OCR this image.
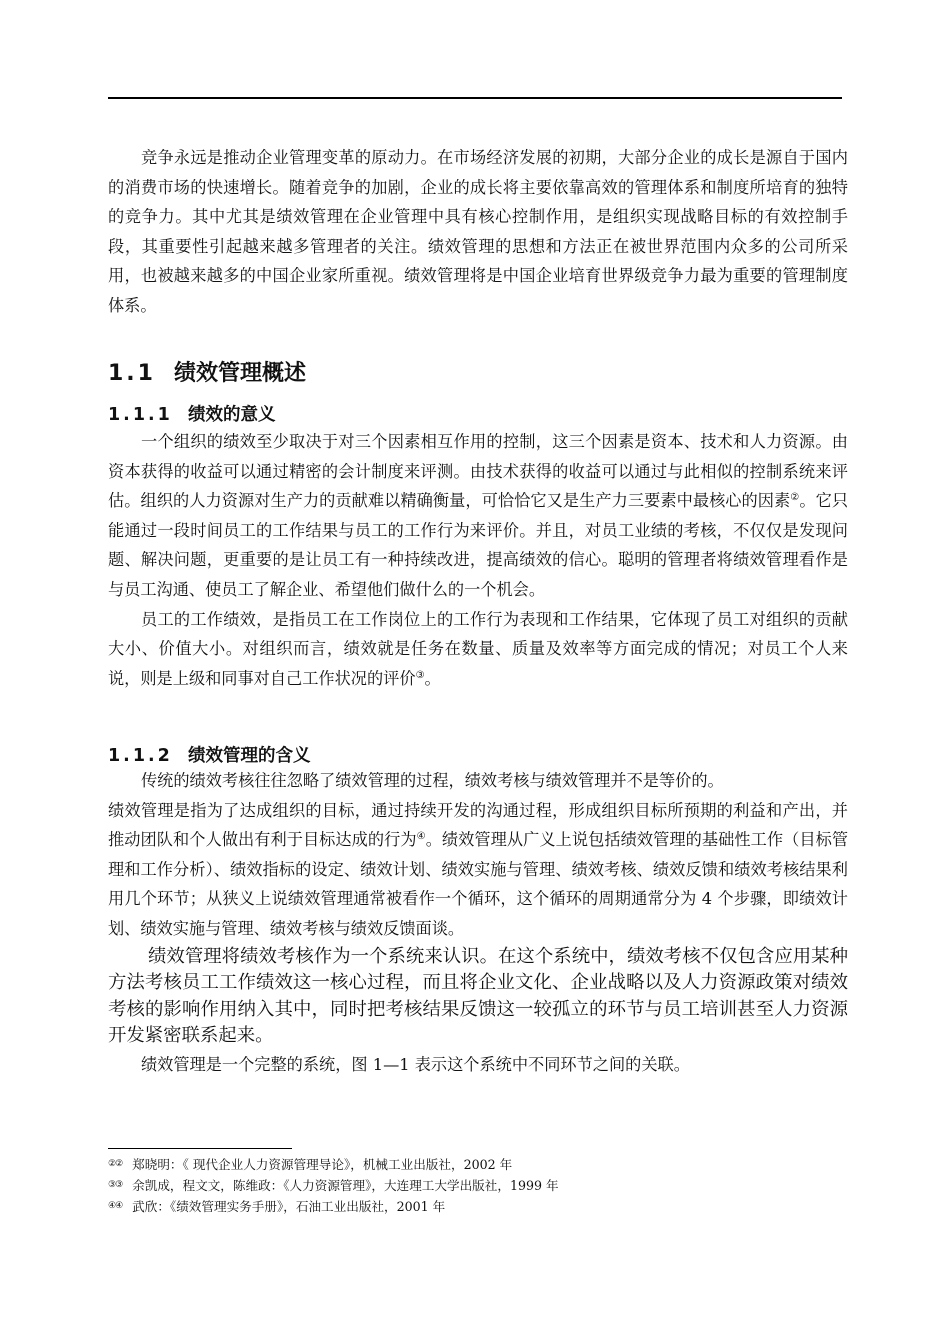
竞争永远是推动企业管理变革的原动力。在市场经济发展的初期，大部分企业的成长是源自于国内的消费市场的快速增长。随着竞争的加剧，企业的成长将主要依靠高效的管理体系和制度所培育的独特的竞争力。其中尤其是绩效管理在企业管理中具有核心控制作用，是组织实现战略目标的有效控制手段，其重要性引起越来越多管理者的关注。绩效管理的思想和方法正在被世界范围内众多的公司所采用，也被越来越多的中国企业家所重视。绩效管理将是中国企业培育世界级竞争力最为重要的管理制度体系。

1.1 绩效管理概述
1.1.1 绩效的意义

一个组织的绩效至少取决于对三个因素相互作用的控制，这三个因素是资本、技术和人力资源。由资本获得的收益可以通过精密的会计制度来评测。由技术获得的收益可以通过与此相似的控制系统来评估。组织的人力资源对生产力的贡献难以精确衡量，可恰恰它又是生产力三要素中最核心的因素②。它只能通过一段时间员工的工作结果与员工的工作行为来评价。并且，对员工业绩的考核，不仅仅是发现问题、解决问题，更重要的是让员工有一种持续改进，提高绩效的信心。聪明的管理者将绩效管理看作是与员工沟通、使员工了解企业、希望他们做什么的一个机会。

员工的工作绩效，是指员工在工作岗位上的工作行为表现和工作结果，它体现了员工对组织的贡献大小、价值大小。对组织而言，绩效就是任务在数量、质量及效率等方面完成的情况；对员工个人来说，则是上级和同事对自己工作状况的评价③。

1.1.2 绩效管理的含义

传统的绩效考核往往忽略了绩效管理的过程，绩效考核与绩效管理并不是等价的。

绩效管理是指为了达成组织的目标，通过持续开发的沟通过程，形成组织目标所预期的利益和产出，并推动团队和个人做出有利于目标达成的行为④。绩效管理从广义上说包括绩效管理的基础性工作（目标管理和工作分析）、绩效指标的设定、绩效计划、绩效实施与管理、绩效考核、绩效反馈和绩效考核结果利用几个环节；从狭义上说绩效管理通常被看作一个循环，这个循环的周期通常分为 4 个步骤，即绩效计划、绩效实施与管理、绩效考核与绩效反馈面谈。

绩效管理将绩效考核作为一个系统来认识。在这个系统中，绩效考核不仅包含应用某种方法考核员工工作绩效这一核心过程，而且将企业文化、企业战略以及人力资源政策对绩效考核的影响作用纳入其中，同时把考核结果反馈这一较孤立的环节与员工培训甚至人力资源开发紧密联系起来。

绩效管理是一个完整的系统，图 1—1 表示这个系统中不同环节之间的关联。

②② 郑晓明：《 现代企业人力资源管理导论》，机械工业出版社，2002 年
③③ 余凯成，程文文，陈维政：《人力资源管理》，大连理工大学出版社，1999 年
④④ 武欣：《绩效管理实务手册》，石油工业出版社，2001 年
